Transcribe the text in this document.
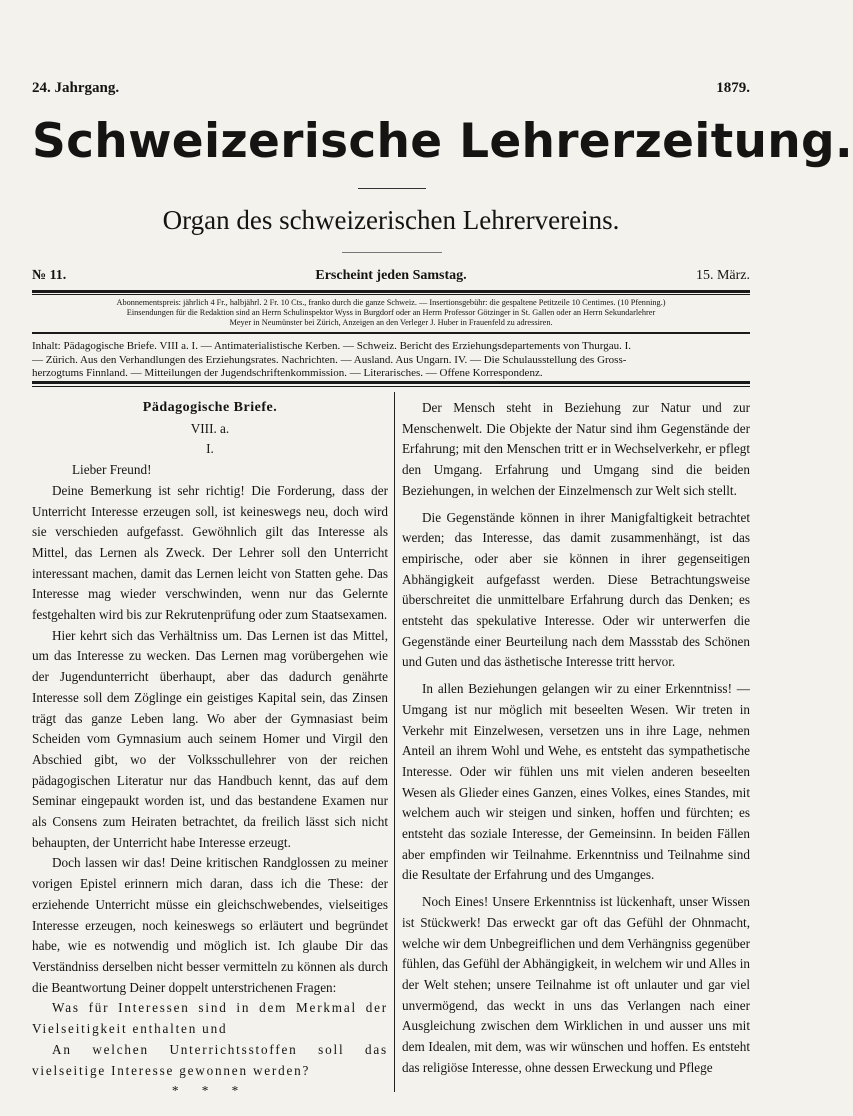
24. Jahrgang.	1879.
Schweizerische Lehrerzeitung.
Organ des schweizerischen Lehrervereins.
№ 11.	Erscheint jeden Samstag.	15. März.
Abonnementspreis: jährlich 4 Fr., halbjährl. 2 Fr. 10 Cts., franko durch die ganze Schweiz. — Insertionsgebühr: die gespaltene Petitzeile 10 Centimes. (10 Pfenning.)
Einsendungen für die Redaktion sind an Herrn Schulinspektor Wyss in Burgdorf oder an Herrn Professor Götzinger in St. Gallen oder an Herrn Sekundarlehrer
Meyer in Neumünster bei Zürich, Anzeigen an den Verleger J. Huber in Frauenfeld zu adressiren.
Inhalt: Pädagogische Briefe. VIII a. I. — Antimaterialistische Kerben. — Schweiz. Bericht des Erziehungsdepartements von Thurgau. I.
— Zürich. Aus den Verhandlungen des Erziehungsrates. Nachrichten. — Ausland. Aus Ungarn. IV. — Die Schulausstellung des Gross-
herzogtums Finnland. — Mitteilungen der Jugendschriftenkommission. — Literarisches. — Offene Korrespondenz.
Pädagogische Briefe.

VIII. a.

I.

Lieber Freund!

Deine Bemerkung ist sehr richtig! Die Forderung, dass der Unterricht Interesse erzeugen soll, ist keineswegs neu, doch wird sie verschieden aufgefasst. Gewöhnlich gilt das Interesse als Mittel, das Lernen als Zweck. Der Lehrer soll den Unterricht interessant machen, damit das Lernen leicht von Statten gehe. Das Interesse mag wieder verschwinden, wenn nur das Gelernte festgehalten wird bis zur Rekrutenprüfung oder zum Staatsexamen.

Hier kehrt sich das Verhältniss um. Das Lernen ist das Mittel, um das Interesse zu wecken. Das Lernen mag vorübergehen wie der Jugendunterricht überhaupt, aber das dadurch genährte Interesse soll dem Zöglinge ein geistiges Kapital sein, das Zinsen trägt das ganze Leben lang. Wo aber der Gymnasiast beim Scheiden vom Gymnasium auch seinem Homer und Virgil den Abschied gibt, wo der Volksschullehrer von der reichen pädagogischen Literatur nur das Handbuch kennt, das auf dem Seminar eingepaukt worden ist, und das bestandene Examen nur als Consens zum Heiraten betrachtet, da freilich lässt sich nicht behaupten, der Unterricht habe Interesse erzeugt.

Doch lassen wir das! Deine kritischen Randglossen zu meiner vorigen Epistel erinnern mich daran, dass ich die These: der erziehende Unterricht müsse ein gleichschwebendes, vielseitiges Interesse erzeugen, noch keineswegs so erläutert und begründet habe, wie es notwendig und möglich ist. Ich glaube Dir das Verständniss derselben nicht besser vermitteln zu können als durch die Beantwortung Deiner doppelt unterstrichenen Fragen:

Was für Interessen sind in dem Merkmal der Vielseitigkeit enthalten und

An welchen Unterrichtsstoffen soll das vielseitige Interesse gewonnen werden?

* * *

Der Mensch steht in Beziehung zur Natur und zur Menschenwelt. Die Objekte der Natur sind ihm Gegenstände der Erfahrung; mit den Menschen tritt er in Wechselverkehr, er pflegt den Umgang. Erfahrung und Umgang sind die beiden Beziehungen, in welchen der Einzelmensch zur Welt sich stellt.

Die Gegenstände können in ihrer Manigfaltigkeit betrachtet werden; das Interesse, das damit zusammenhängt, ist das empirische, oder aber sie können in ihrer gegenseitigen Abhängigkeit aufgefasst werden. Diese Betrachtungsweise überschreitet die unmittelbare Erfahrung durch das Denken; es entsteht das spekulative Interesse. Oder wir unterwerfen die Gegenstände einer Beurteilung nach dem Massstab des Schönen und Guten und das ästhetische Interesse tritt hervor.

In allen Beziehungen gelangen wir zu einer Erkenntniss! — Umgang ist nur möglich mit beseelten Wesen. Wir treten in Verkehr mit Einzelwesen, versetzen uns in ihre Lage, nehmen Anteil an ihrem Wohl und Wehe, es entsteht das sympathetische Interesse. Oder wir fühlen uns mit vielen anderen beseelten Wesen als Glieder eines Ganzen, eines Volkes, eines Standes, mit welchem auch wir steigen und sinken, hoffen und fürchten; es entsteht das soziale Interesse, der Gemeinsinn. In beiden Fällen aber empfinden wir Teilnahme. Erkenntniss und Teilnahme sind die Resultate der Erfahrung und des Umganges.

Noch Eines! Unsere Erkenntniss ist lückenhaft, unser Wissen ist Stückwerk! Das erweckt gar oft das Gefühl der Ohnmacht, welche wir dem Unbegreiflichen und dem Verhängniss gegenüber fühlen, das Gefühl der Abhängigkeit, in welchem wir und Alles in der Welt stehen; unsere Teilnahme ist oft unlauter und gar viel unvermögend, das weckt in uns das Verlangen nach einer Ausgleichung zwischen dem Wirklichen in und ausser uns mit dem Idealen, mit dem, was wir wünschen und hoffen. Es entsteht das religiöse Interesse, ohne dessen Erweckung und Pflege
